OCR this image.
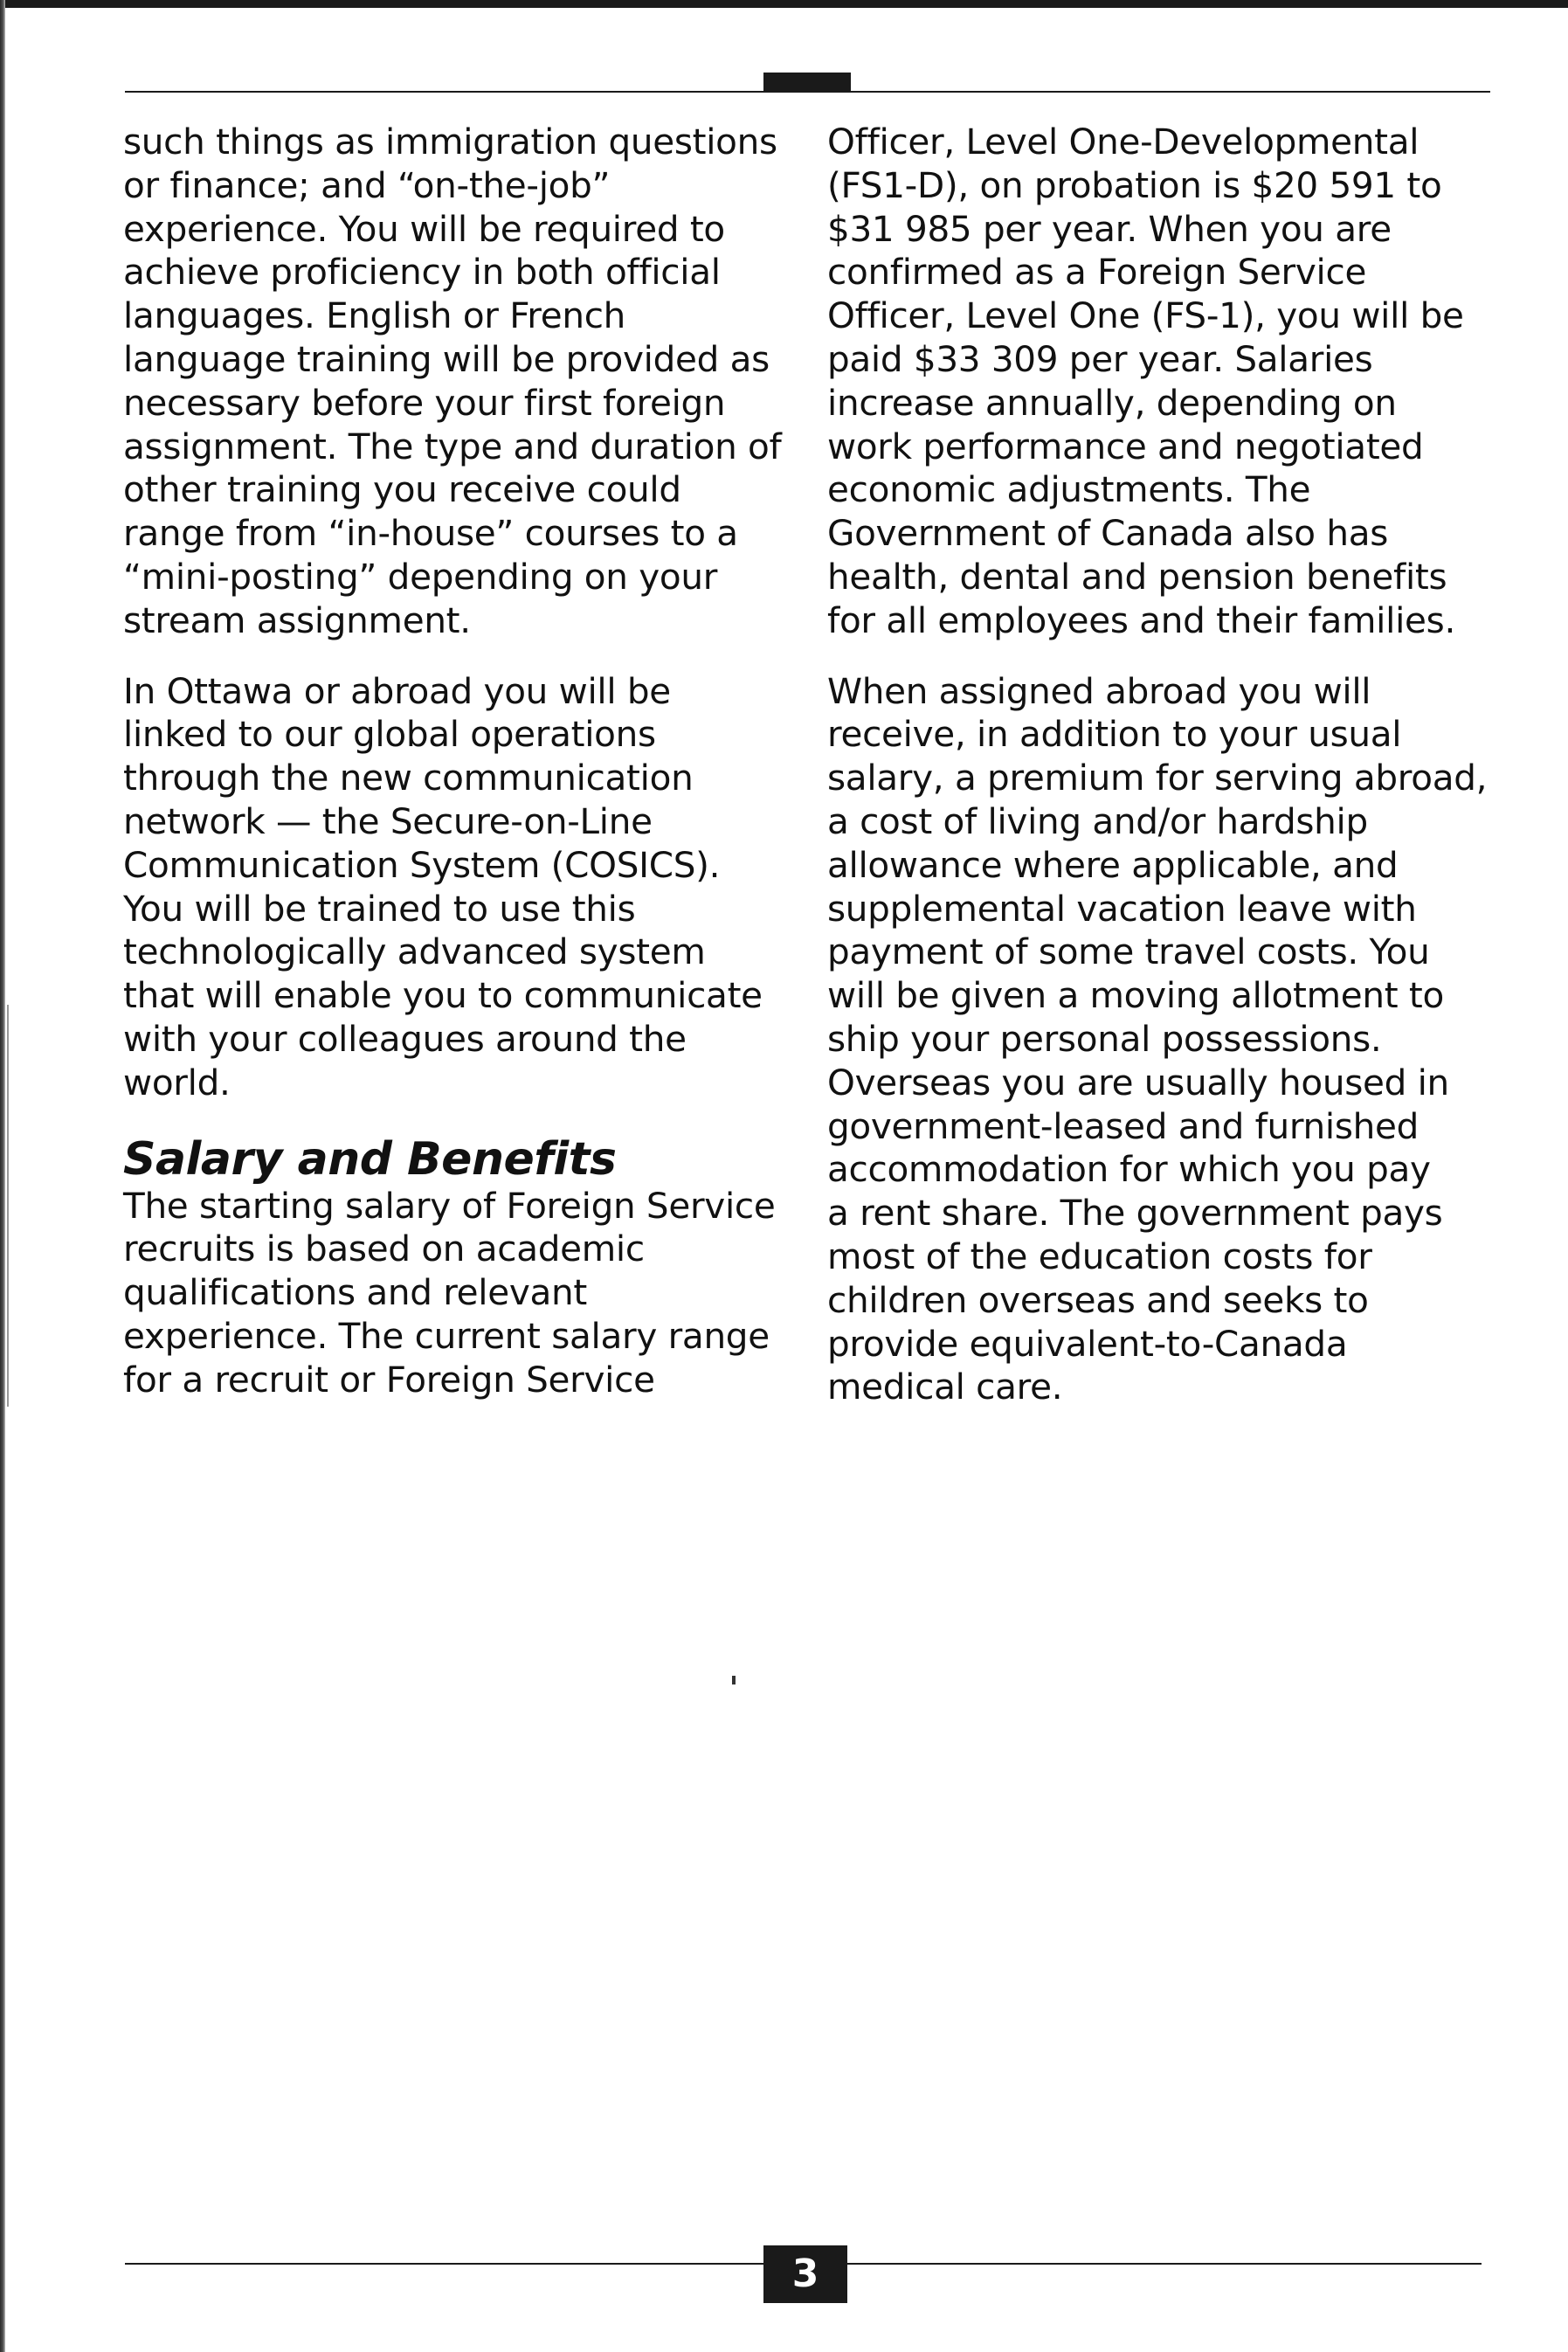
such things as immigration questions
or finance; and “on-the-job”
experience. You will be required to
achieve proficiency in both official
languages. English or French
language training will be provided as
necessary before your first foreign
assignment. The type and duration of
other training you receive could
range from “in-house” courses to a
“mini-posting” depending on your
stream assignment.

In Ottawa or abroad you will be
linked to our global operations
through the new communication
network — the Secure-on-Line
Communication System (COSICS).
You will be trained to use this
technologically advanced system
that will enable you to communicate
with your colleagues around the
world.

Salary and Benefits

The starting salary of Foreign Service
recruits is based on academic
qualifications and relevant
experience. The current salary range
for a recruit or Foreign Service

Officer, Level One-Developmental
(FS1-D), on probation is $20 591 to
$31 985 per year. When you are
confirmed as a Foreign Service
Officer, Level One (FS-1), you will be
paid $33 309 per year. Salaries
increase annually, depending on
work performance and negotiated
economic adjustments. The
Government of Canada also has
health, dental and pension benefits
for all employees and their families.

When assigned abroad you will
receive, in addition to your usual
salary, a premium for serving abroad,
a cost of living and/or hardship
allowance where applicable, and
supplemental vacation leave with
payment of some travel costs. You
will be given a moving allotment to
ship your personal possessions.
Overseas you are usually housed in
government-leased and furnished
accommodation for which you pay
a rent share. The government pays
most of the education costs for
children overseas and seeks to
provide equivalent-to-Canada
medical care.

3
